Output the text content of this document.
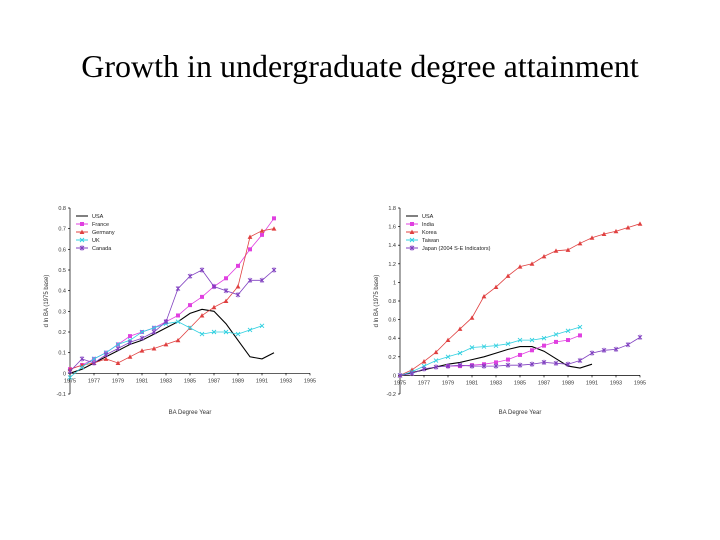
Growth in undergraduate degree attainment
-0.1
0
0.1
0.2
0.3
0.4
0.5
0.6
0.7
0.8
1975 1977 1979 1981 1983 1985 1987 1989 1991 1993 1995
BA Degree Year
d ln BA (1975 base)
USA
France
Germany
UK
Canada
-0.2
0
0.2
0.4
0.6
0.8
1
1.2
1.4
1.6
1.8
1975 1977 1979 1981 1983 1985 1987 1989 1991 1993 1995
BA Degree Year
d ln BA (1975 base)
USA
India
Korea
Taiwan
Japan (2004 S-E Indicators)
